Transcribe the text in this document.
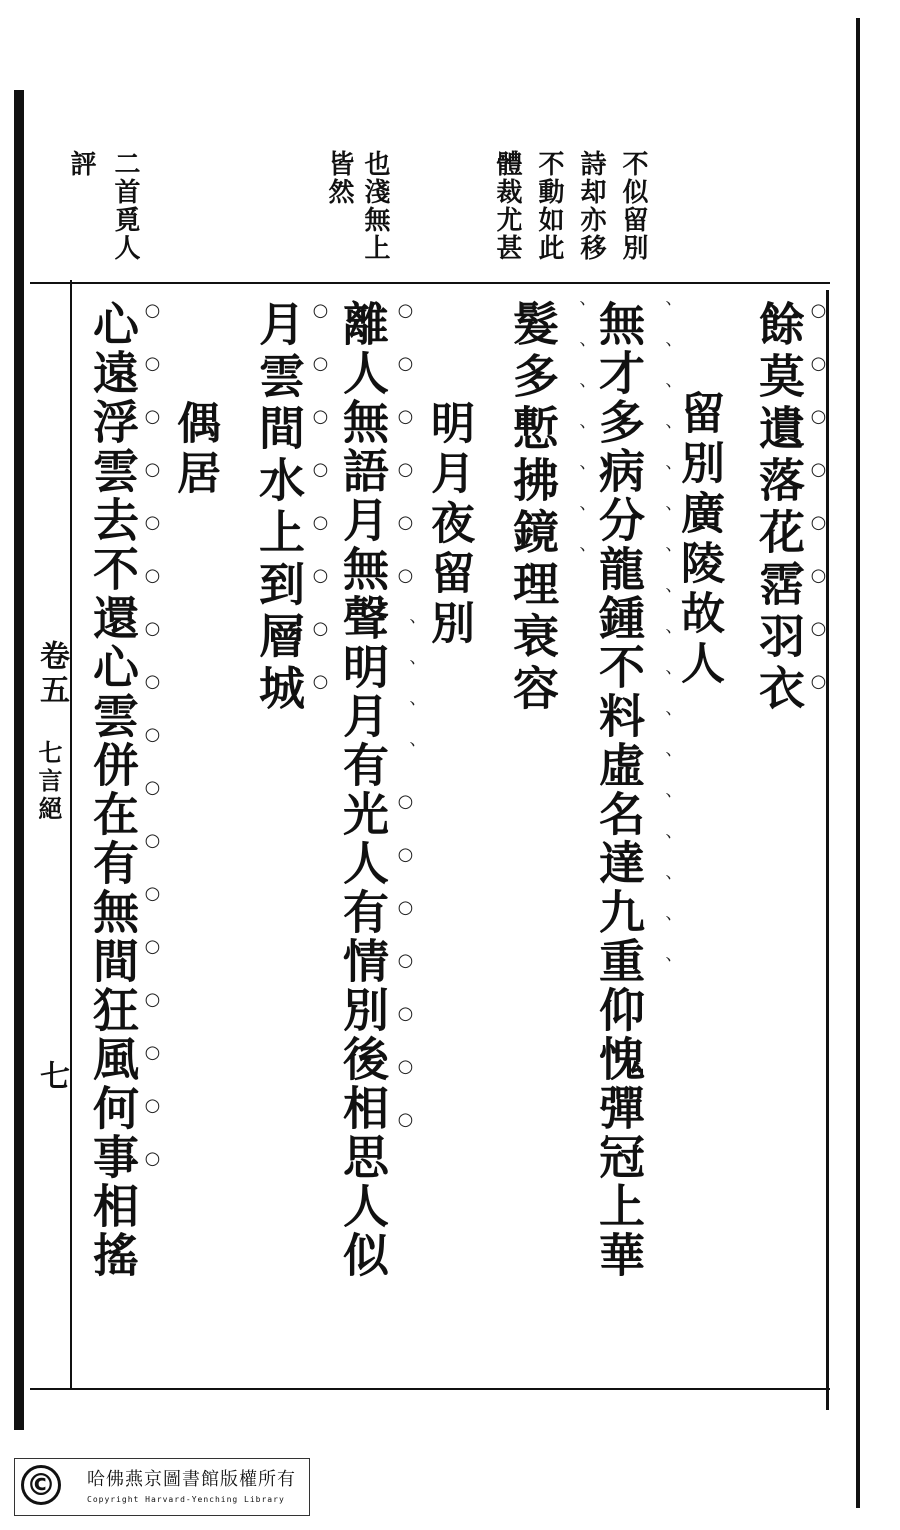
不似留別
詩却亦移
不動如此
體裁尤甚
也淺無上
皆然
二首覓人
評
餘莫遺落花霑羽衣
留別廣陵故人
無才多病分龍鍾不料虛名達九重仰愧彈冠上華
髮多慙拂鏡理衰容
明月夜留別
離人無語月無聲明月有光人有情別後相思人似
月雲間水上到層城
偶居
心遠浮雲去不還心雲併在有無間狂風何事相搖	○○○○○○○○
、、、、、、、、、、、、、、、、、
、、、、、、、
○○○○○○、、、、○○○○○○○
○○○○○○○○
○○○○○○○○○○○○○○○○○
卷五
七言絕
七
© 哈佛燕京圖書館版權所有
Copyright Harvard-Yenching Library
